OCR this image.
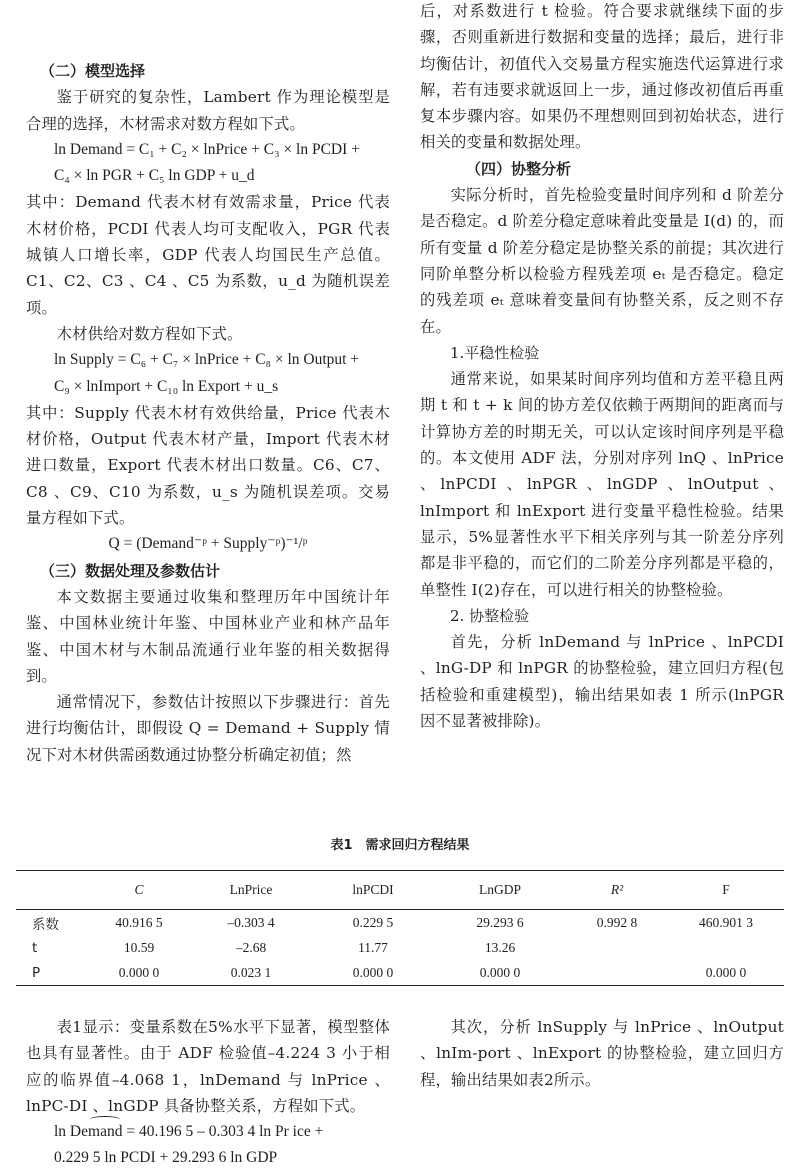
（二）模型选择

鉴于研究的复杂性，Lambert 作为理论模型是合理的选择，木材需求对数方程如下式。

ln Demand = C₁ + C₂ × lnPrice + C₃ × ln PCDI +
C₄ × ln PGR + C₅ ln GDP + u_d

其中：Demand 代表木材有效需求量，Price 代表木材价格，PCDI 代表人均可支配收入，PGR 代表城镇人口增长率，GDP 代表人均国民生产总值。C1、C2、C3 、C4 、C5 为系数，u_d 为随机误差项。

木材供给对数方程如下式。

ln Supply = C₆ + C₇ × lnPrice + C₈ × ln Output +
C₉ × lnImport + C₁₀ ln Export + u_s

其中：Supply 代表木材有效供给量，Price 代表木材价格，Output 代表木材产量，Import 代表木材进口数量，Export 代表木材出口数量。C6、C7、C8 、C9、C10 为系数，u_s 为随机误差项。交易量方程如下式。

Q = (Demand⁻ᵖ + Supply⁻ᵖ)⁻¹/ᵖ
（三）数据处理及参数估计

本文数据主要通过收集和整理历年中国统计年鉴、中国林业统计年鉴、中国林业产业和林产品年鉴、中国木材与木制品流通行业年鉴的相关数据得到。

通常情况下，参数估计按照以下步骤进行：首先进行均衡估计，即假设 Q = Demand + Supply 情况下对木材供需函数通过协整分析确定初值；然

后，对系数进行 t 检验。符合要求就继续下面的步骤，否则重新进行数据和变量的选择；最后，进行非均衡估计，初值代入交易量方程实施迭代运算进行求解，若有违要求就返回上一步，通过修改初值后再重复本步骤内容。如果仍不理想则回到初始状态，进行相关的变量和数据处理。

（四）协整分析

实际分析时，首先检验变量时间序列和 d 阶差分是否稳定。d 阶差分稳定意味着此变量是 I(d) 的，而所有变量 d 阶差分稳定是协整关系的前提；其次进行同阶单整分析以检验方程残差项 eₜ 是否稳定。稳定的残差项 eₜ 意味着变量间有协整关系，反之则不存在。

1.平稳性检验

通常来说，如果某时间序列均值和方差平稳且两期 t 和 t + k 间的协方差仅依赖于两期间的距离而与计算协方差的时期无关，可以认定该时间序列是平稳的。本文使用 ADF 法，分别对序列 lnQ 、lnPrice 、lnPCDI 、lnPGR 、lnGDP 、lnOutput 、lnImport 和 lnExport 进行变量平稳性检验。结果显示，5%显著性水平下相关序列与其一阶差分序列都是非平稳的，而它们的二阶差分序列都是平稳的，单整性 I(2)存在，可以进行相关的协整检验。

2. 协整检验

首先，分析 lnDemand 与 lnPrice 、lnPCDI 、lnG-DP 和 lnPGR 的协整检验，建立回归方程(包括检验和重建模型)，输出结果如表 1 所示(lnPGR 因不显著被排除)。

表1　需求回归方程结果
	C	LnPrice	lnPCDI	LnGDP	R²	F
系数	40.916 5	–0.303 4	0.229 5	29.293 6	0.992 8	460.901 3
t	10.59	–2.68	11.77	13.26		
P	0.000 0	0.023 1	0.000 0	0.000 0		0.000 0

表1显示：变量系数在5%水平下显著，模型整体也具有显著性。由于 ADF 检验值–4.224 3 小于相应的临界值–4.068 1，lnDemand 与 lnPrice 、lnPC-DI 、lnGDP 具备协整关系，方程如下式。

ln Demand = 40.196 5 – 0.303 4 ln Pr ice +
0.229 5 ln PCDI + 29.293 6 ln GDP

其次，分析 lnSupply 与 lnPrice 、lnOutput 、lnIm-port 、lnExport 的协整检验，建立回归方程，输出结果如表2所示。
